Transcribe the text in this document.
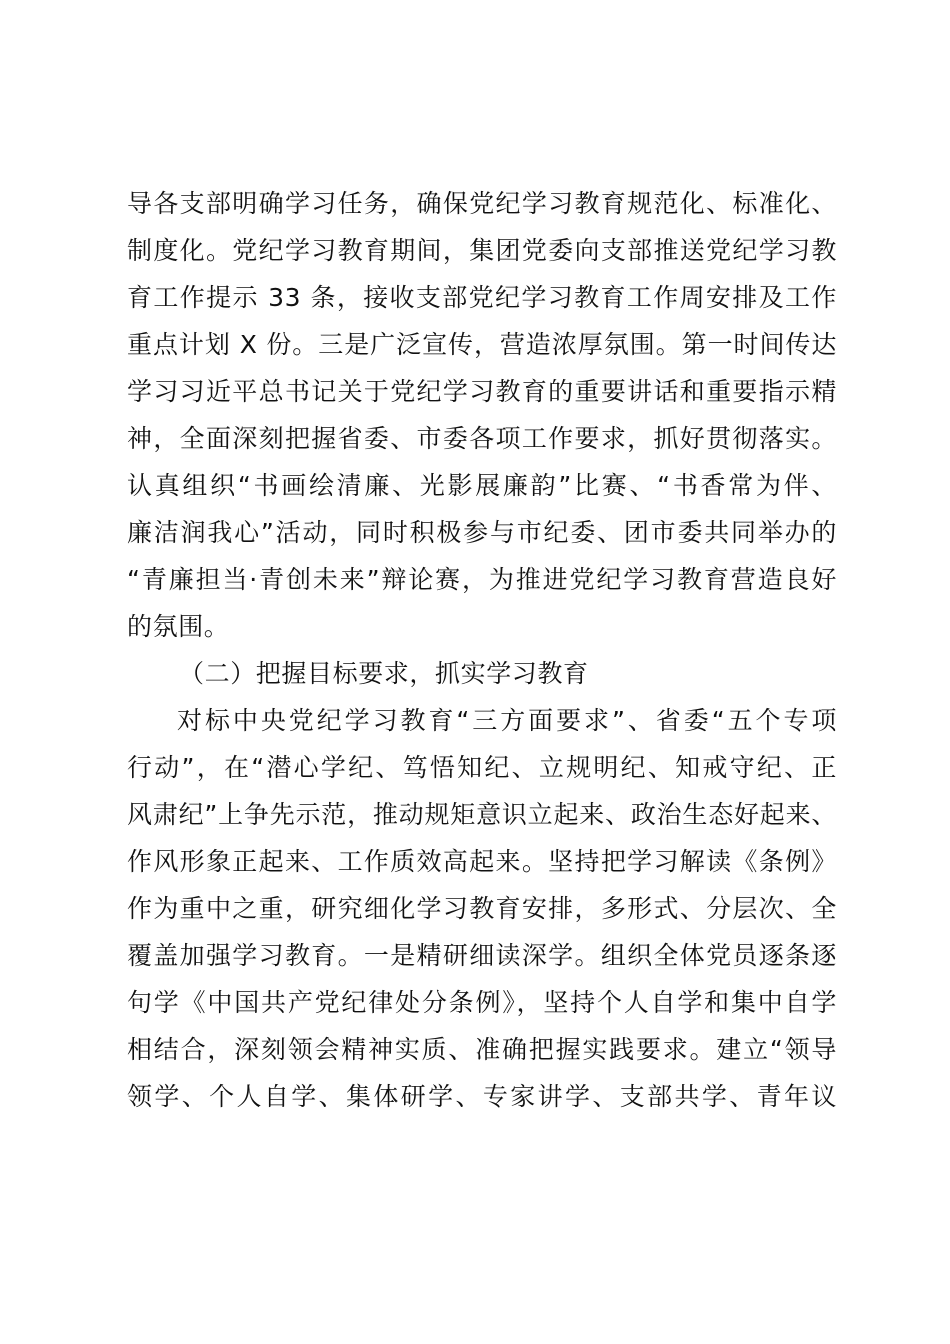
导各支部明确学习任务，确保党纪学习教育规范化、标准化、
制度化。党纪学习教育期间，集团党委向支部推送党纪学习教
育工作提示 33 条，接收支部党纪学习教育工作周安排及工作
重点计划 X 份。三是广泛宣传，营造浓厚氛围。第一时间传达
学习习近平总书记关于党纪学习教育的重要讲话和重要指示精
神，全面深刻把握省委、市委各项工作要求，抓好贯彻落实。
认真组织“书画绘清廉、光影展廉韵”比赛、“书香常为伴、
廉洁润我心”活动，同时积极参与市纪委、团市委共同举办的
“青廉担当·青创未来”辩论赛，为推进党纪学习教育营造良好
的氛围。
（二）把握目标要求，抓实学习教育
对标中央党纪学习教育“三方面要求”、省委“五个专项
行动”，在“潜心学纪、笃悟知纪、立规明纪、知戒守纪、正
风肃纪”上争先示范，推动规矩意识立起来、政治生态好起来、
作风形象正起来、工作质效高起来。坚持把学习解读《条例》
作为重中之重，研究细化学习教育安排，多形式、分层次、全
覆盖加强学习教育。一是精研细读深学。组织全体党员逐条逐
句学《中国共产党纪律处分条例》，坚持个人自学和集中自学
相结合，深刻领会精神实质、准确把握实践要求。建立“领导
领学、个人自学、集体研学、专家讲学、支部共学、青年议
